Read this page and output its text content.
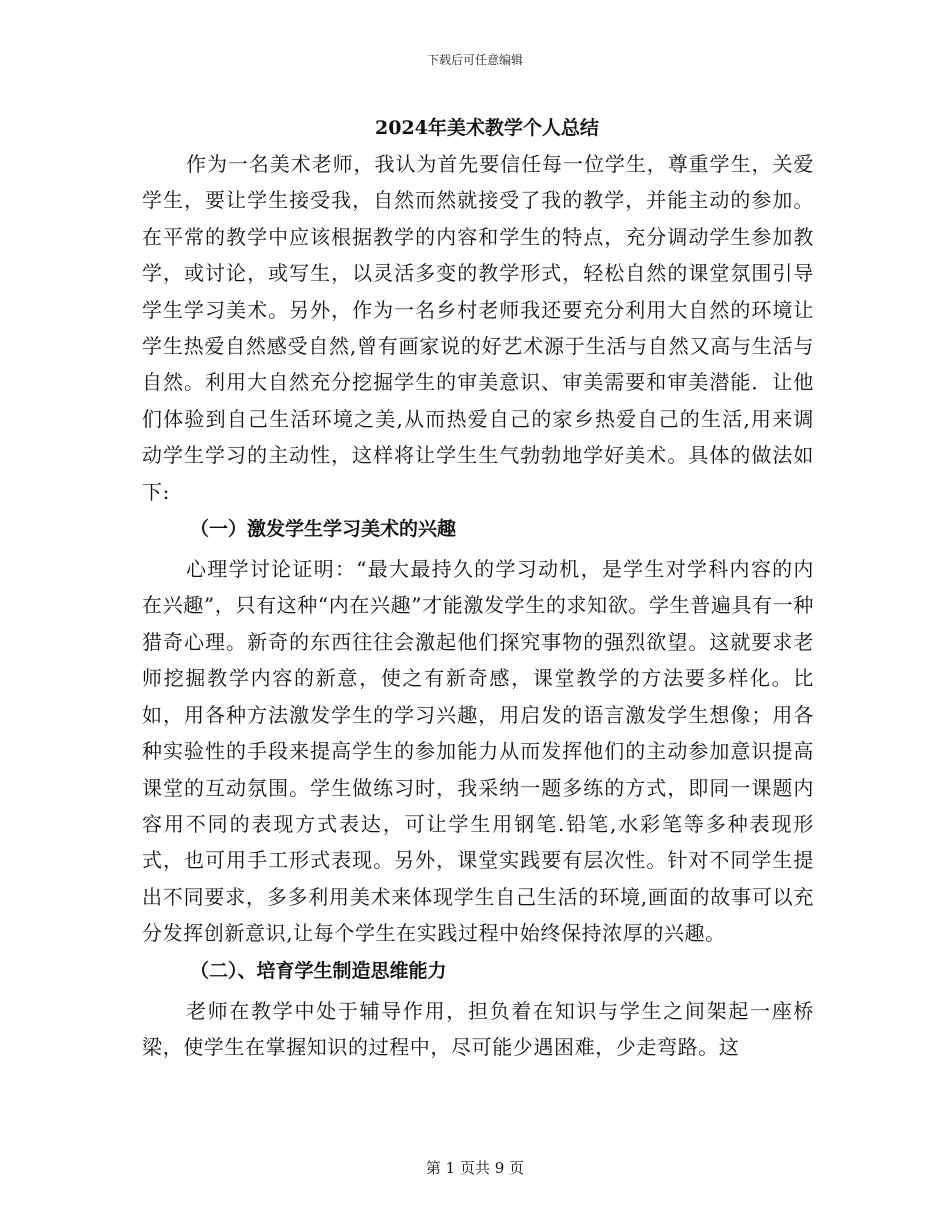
下载后可任意编辑
2024年美术教学个人总结

作为一名美术老师，我认为首先要信任每一位学生，尊重学生，关爱学生，要让学生接受我，自然而然就接受了我的教学，并能主动的参加。在平常的教学中应该根据教学的内容和学生的特点，充分调动学生参加教学，或讨论，或写生，以灵活多变的教学形式，轻松自然的课堂氛围引导学生学习美术。另外，作为一名乡村老师我还要充分利用大自然的环境让学生热爱自然感受自然,曾有画家说的好艺术源于生活与自然又高与生活与自然。利用大自然充分挖掘学生的审美意识、审美需要和审美潜能．让他们体验到自己生活环境之美,从而热爱自己的家乡热爱自己的生活,用来调动学生学习的主动性，这样将让学生生气勃勃地学好美术。具体的做法如下:

（一）激发学生学习美术的兴趣

心理学讨论证明：“最大最持久的学习动机，是学生对学科内容的内在兴趣”，只有这种“内在兴趣”才能激发学生的求知欲。学生普遍具有一种猎奇心理。新奇的东西往往会激起他们探究事物的强烈欲望。这就要求老师挖掘教学内容的新意，使之有新奇感，课堂教学的方法要多样化。比如，用各种方法激发学生的学习兴趣，用启发的语言激发学生想像；用各种实验性的手段来提高学生的参加能力从而发挥他们的主动参加意识提高课堂的互动氛围。学生做练习时，我采纳一题多练的方式，即同一课题内容用不同的表现方式表达，可让学生用钢笔.铅笔,水彩笔等多种表现形式，也可用手工形式表现。另外，课堂实践要有层次性。针对不同学生提出不同要求，多多利用美术来体现学生自己生活的环境,画面的故事可以充分发挥创新意识,让每个学生在实践过程中始终保持浓厚的兴趣。

（二）、培育学生制造思维能力

老师在教学中处于辅导作用，担负着在知识与学生之间架起一座桥梁，使学生在掌握知识的过程中，尽可能少遇困难，少走弯路。这

第 1 页共 9 页
